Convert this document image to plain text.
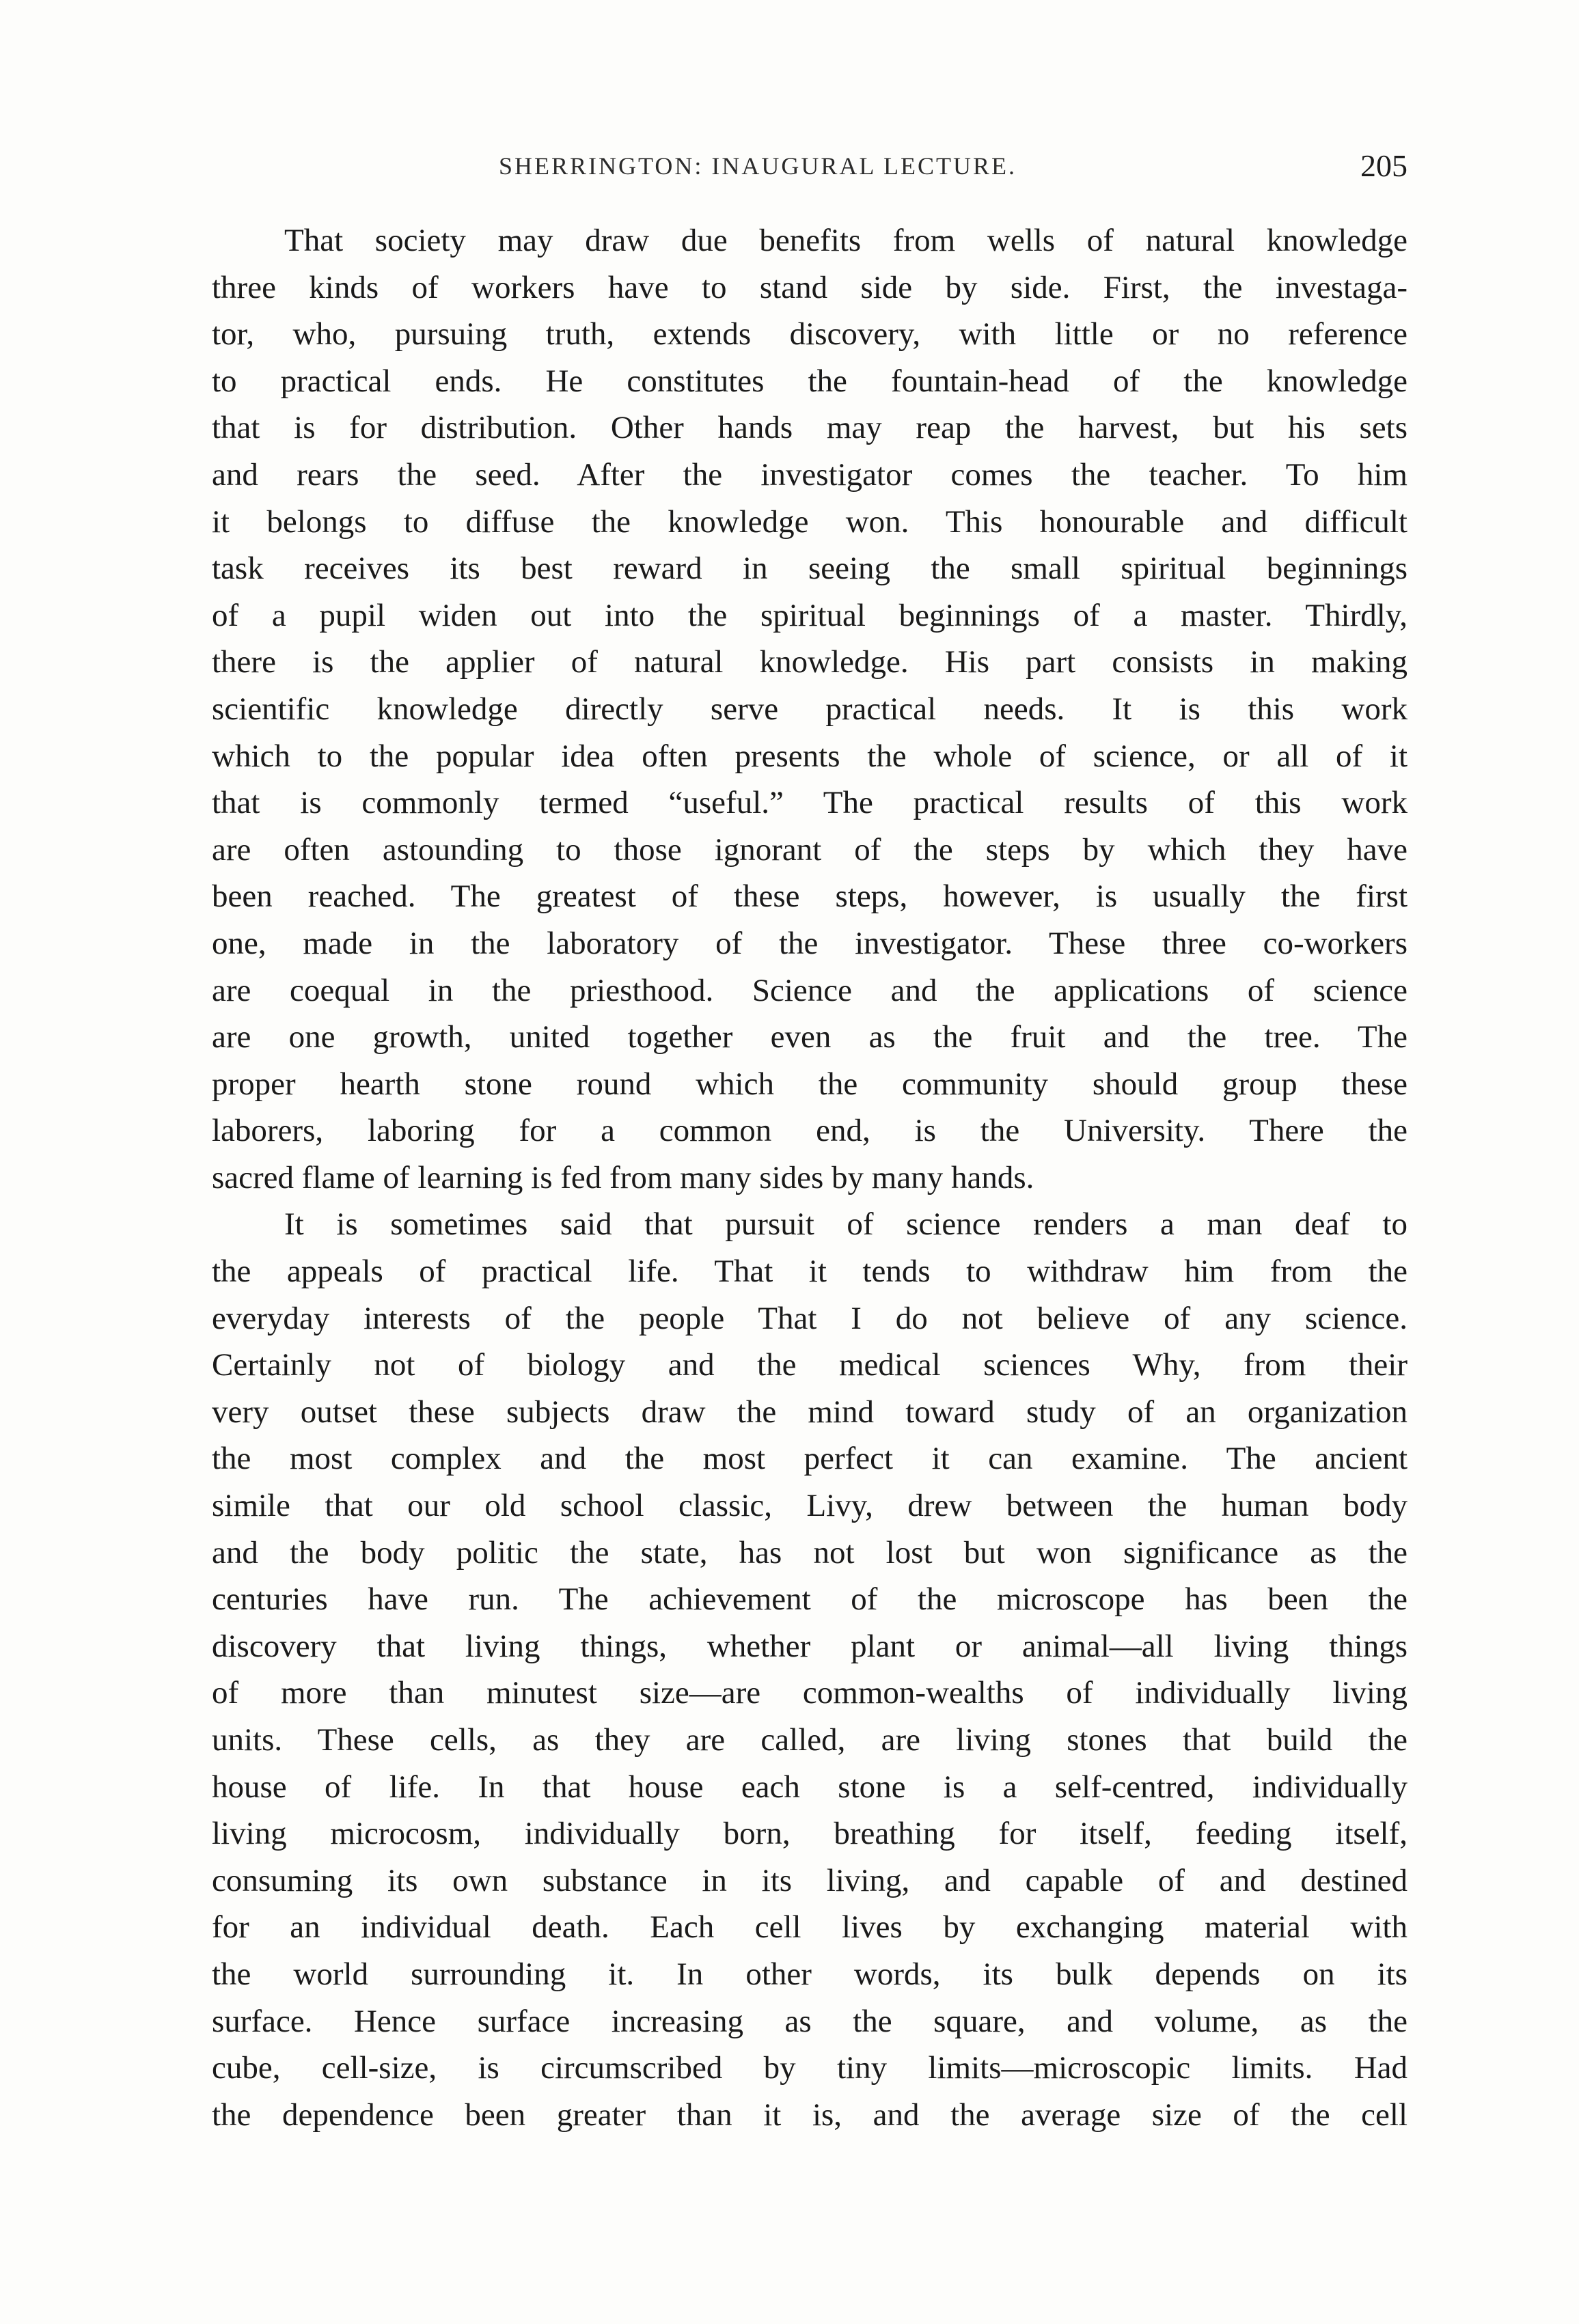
SHERRINGTON: INAUGURAL LECTURE.	205
That society may draw due benefits from wells of natural knowledge
three kinds of workers have to stand side by side. First, the investaga-
tor, who, pursuing truth, extends discovery, with little or no reference
to practical ends. He constitutes the fountain-head of the knowledge
that is for distribution. Other hands may reap the harvest, but his sets
and rears the seed. After the investigator comes the teacher. To him
it belongs to diffuse the knowledge won. This honourable and difficult
task receives its best reward in seeing the small spiritual beginnings
of a pupil widen out into the spiritual beginnings of a master. Thirdly,
there is the applier of natural knowledge. His part consists in making
scientific knowledge directly serve practical needs. It is this work
which to the popular idea often presents the whole of science, or all of it
that is commonly termed “useful.” The practical results of this work
are often astounding to those ignorant of the steps by which they have
been reached. The greatest of these steps, however, is usually the first
one, made in the laboratory of the investigator. These three co-workers
are coequal in the priesthood. Science and the applications of science
are one growth, united together even as the fruit and the tree. The
proper hearth stone round which the community should group these
laborers, laboring for a common end, is the University. There the
sacred flame of learning is fed from many sides by many hands.
It is sometimes said that pursuit of science renders a man deaf to
the appeals of practical life. That it tends to withdraw him from the
everyday interests of the people That I do not believe of any science.
Certainly not of biology and the medical sciences Why, from their
very outset these subjects draw the mind toward study of an organization
the most complex and the most perfect it can examine. The ancient
simile that our old school classic, Livy, drew between the human body
and the body politic the state, has not lost but won significance as the
centuries have run. The achievement of the microscope has been the
discovery that living things, whether plant or animal—all living things
of more than minutest size—are common-wealths of individually living
units. These cells, as they are called, are living stones that build the
house of life. In that house each stone is a self-centred, individually
living microcosm, individually born, breathing for itself, feeding itself,
consuming its own substance in its living, and capable of and destined
for an individual death. Each cell lives by exchanging material with
the world surrounding it. In other words, its bulk depends on its
surface. Hence surface increasing as the square, and volume, as the
cube, cell-size, is circumscribed by tiny limits—microscopic limits. Had
the dependence been greater than it is, and the average size of the cell
